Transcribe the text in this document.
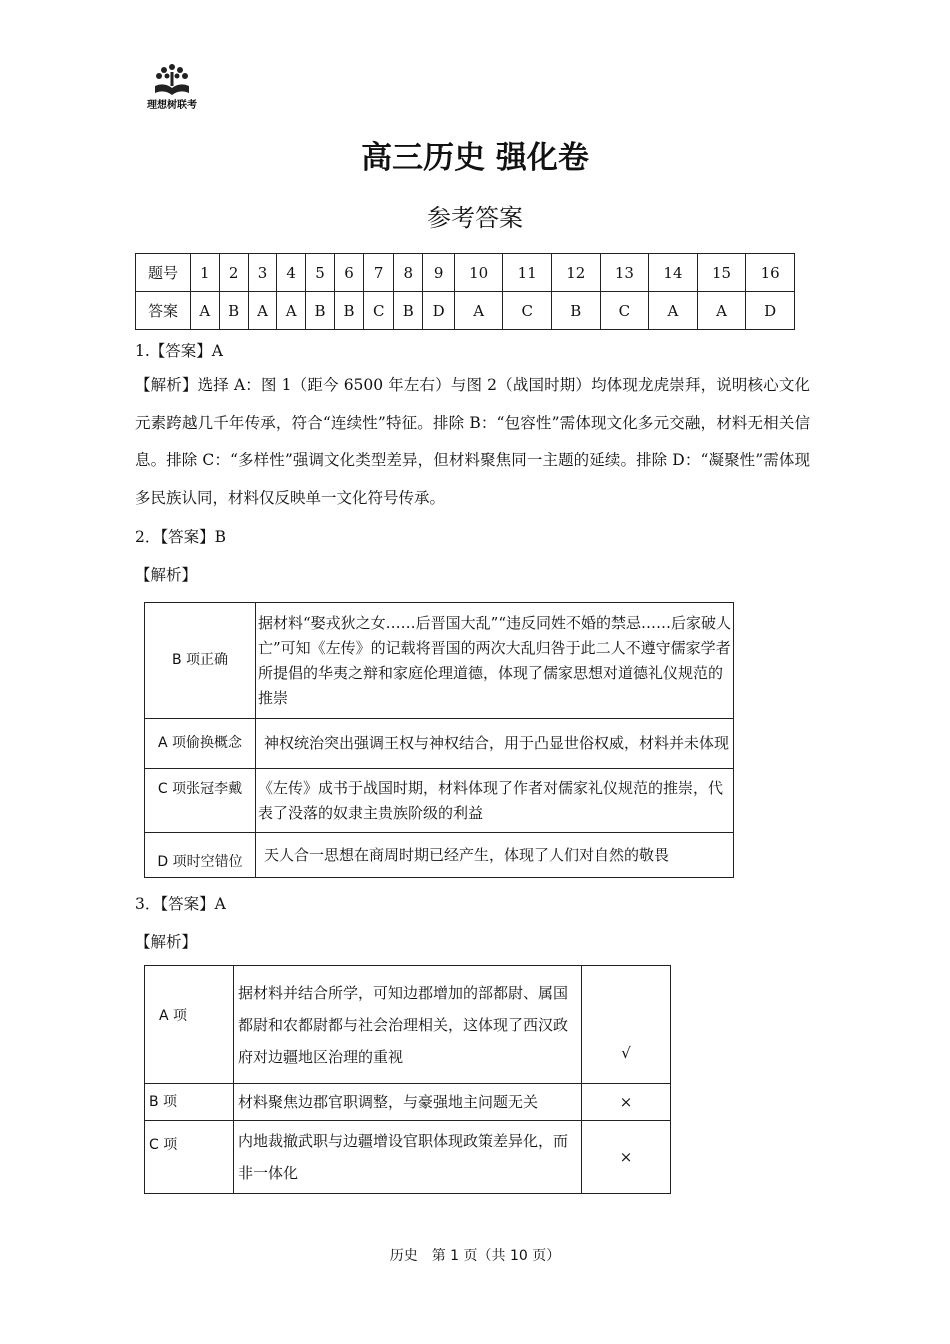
理想树联考
高三历史 强化卷
参考答案
题号	1	2	3	4	5	6	7	8	9	10	11	12	13	14	15	16
答案	A	B	A	A	B	B	C	B	D	A	C	B	C	A	A	D
1.【答案】A
【解析】选择 A：图 1（距今 6500 年左右）与图 2（战国时期）均体现龙虎崇拜，说明核心文化元素跨越几千年传承，符合“连续性”特征。排除 B：“包容性”需体现文化多元交融，材料无相关信息。排除 C：“多样性”强调文化类型差异，但材料聚焦同一主题的延续。排除 D：“凝聚性”需体现多民族认同，材料仅反映单一文化符号传承。
2．【答案】B
【解析】
B 项正确	据材料“娶戎狄之女……后晋国大乱”“违反同姓不婚的禁忌……后家破人亡”可知《左传》的记载将晋国的两次大乱归咎于此二人不遵守儒家学者所提倡的华夷之辩和家庭伦理道德，体现了儒家思想对道德礼仪规范的推崇
A 项偷换概念	神权统治突出强调王权与神权结合，用于凸显世俗权威，材料并未体现
C 项张冠李戴	《左传》成书于战国时期，材料体现了作者对儒家礼仪规范的推崇，代表了没落的奴隶主贵族阶级的利益
D 项时空错位	天人合一思想在商周时期已经产生，体现了人们对自然的敬畏
3．【答案】A
【解析】
A 项	据材料并结合所学，可知边郡增加的部都尉、属国都尉和农都尉都与社会治理相关，这体现了西汉政府对边疆地区治理的重视	√
B 项	材料聚焦边郡官职调整，与豪强地主问题无关	×
C 项	内地裁撤武职与边疆增设官职体现政策差异化，而非一体化	×
历史　第 1 页（共 10 页）
